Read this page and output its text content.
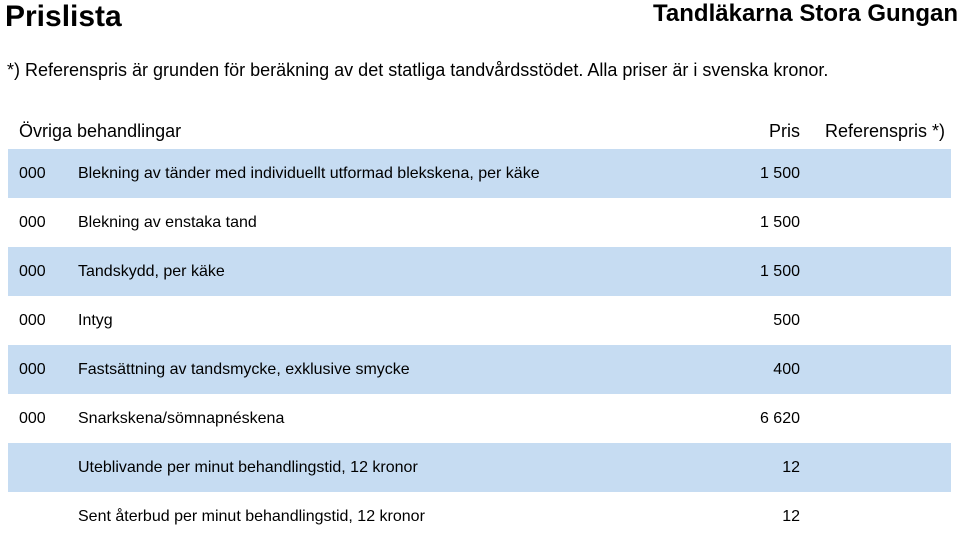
Prislista	Tandläkarna Stora Gungan
*) Referenspris är grunden för beräkning av det statliga tandvårdsstödet. Alla priser är i svenska kronor.
Övriga behandlingar	Pris	Referenspris *)
000 Blekning av tänder med individuellt utformad blekskena, per käke	1 500
000 Blekning av enstaka tand	1 500
000 Tandskydd, per käke	1 500
000 Intyg	500
000 Fastsättning av tandsmycke, exklusive smycke	400
000 Snarkskena/sömnapnéskena	6 620
Uteblivande per minut behandlingstid, 12 kronor	12
Sent återbud per minut behandlingstid, 12 kronor	12
